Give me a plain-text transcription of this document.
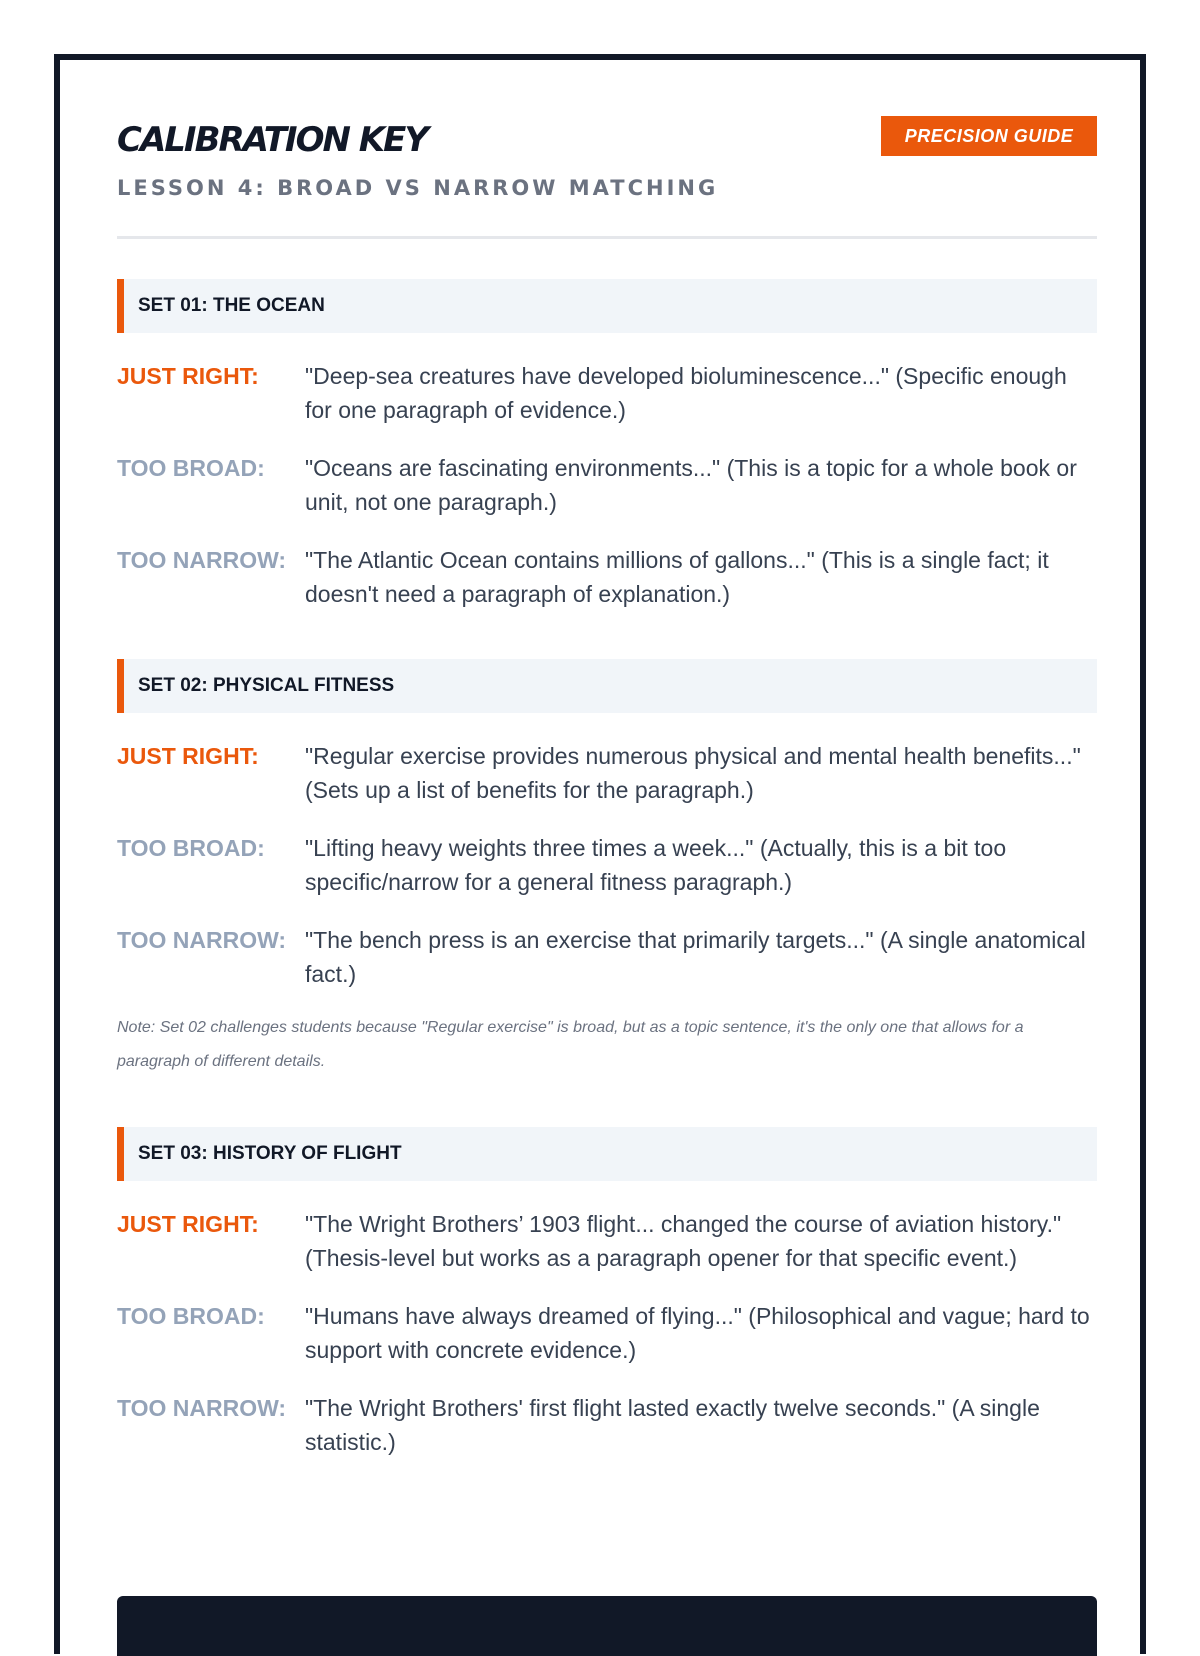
CALIBRATION KEY
LESSON 4: BROAD VS NARROW MATCHING
PRECISION GUIDE
SET 01: THE OCEAN
JUST RIGHT:	"Deep-sea creatures have developed bioluminescence..." (Specific enough for one paragraph of evidence.)
TOO BROAD:	"Oceans are fascinating environments..." (This is a topic for a whole book or unit, not one paragraph.)
TOO NARROW: "The Atlantic Ocean contains millions of gallons..." (This is a single fact; it doesn't need a paragraph of explanation.)
SET 02: PHYSICAL FITNESS
JUST RIGHT:	"Regular exercise provides numerous physical and mental health benefits..." (Sets up a list of benefits for the paragraph.)
TOO BROAD:	"Lifting heavy weights three times a week..." (Actually, this is a bit too specific/narrow for a general fitness paragraph.)
TOO NARROW: "The bench press is an exercise that primarily targets..." (A single anatomical fact.)
Note: Set 02 challenges students because "Regular exercise" is broad, but as a topic sentence, it's the only one that allows for a paragraph of different details.
SET 03: HISTORY OF FLIGHT
JUST RIGHT:	"The Wright Brothers’ 1903 flight... changed the course of aviation history." (Thesis-level but works as a paragraph opener for that specific event.)
TOO BROAD:	"Humans have always dreamed of flying..." (Philosophical and vague; hard to support with concrete evidence.)
TOO NARROW: "The Wright Brothers' first flight lasted exactly twelve seconds." (A single statistic.)
